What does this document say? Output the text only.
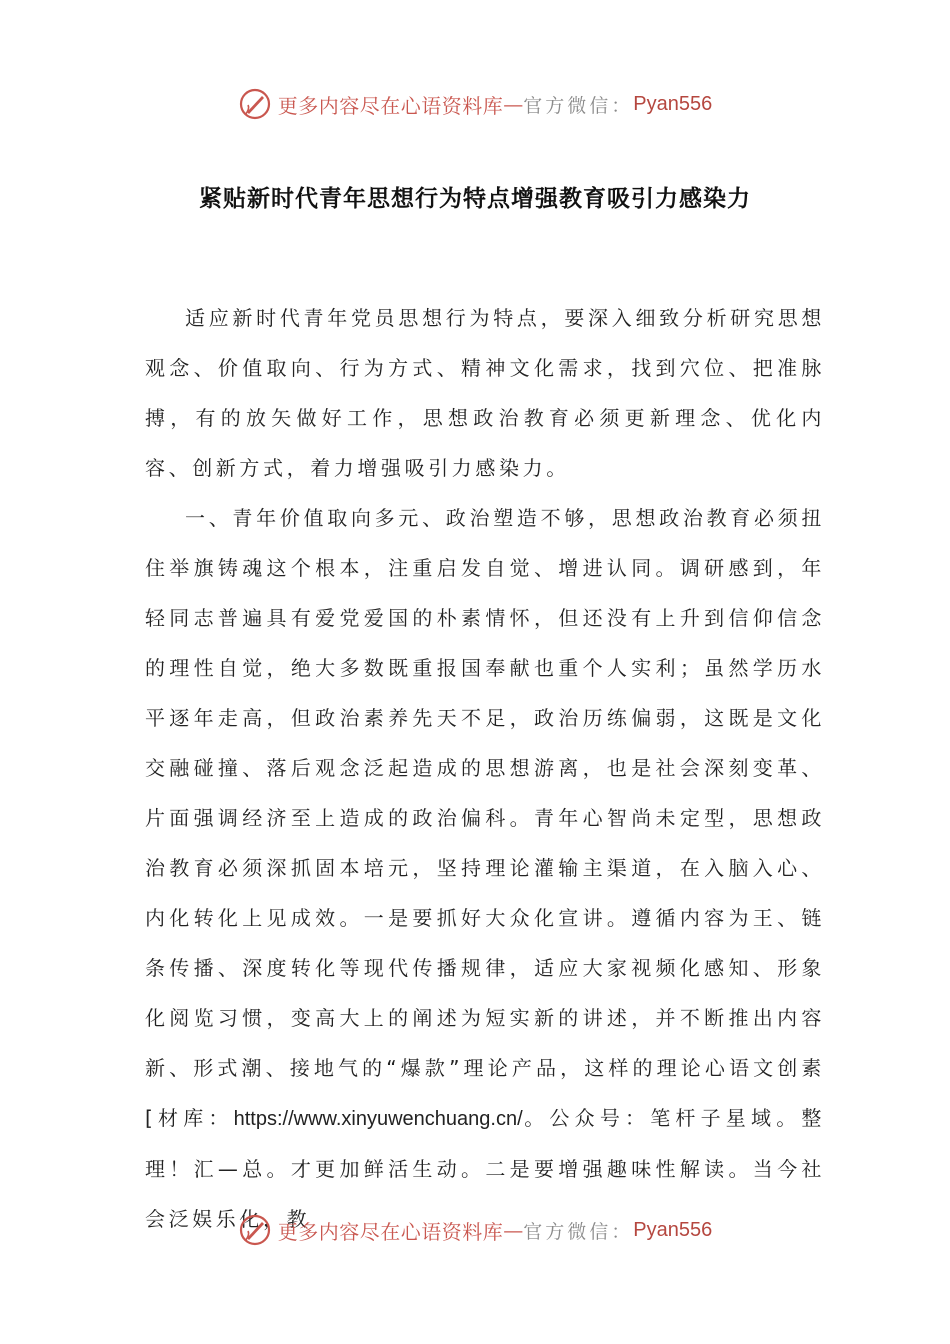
更多内容尽在心语资料库 — 官方微信： Pyan556
紧贴新时代青年思想行为特点增强教育吸引力感染力

适应新时代青年党员思想行为特点，要深入细致分析研究思想观念、价值取向、行为方式、精神文化需求，找到穴位、把准脉搏，有的放矢做好工作，思想政治教育必须更新理念、优化内容、创新方式，着力增强吸引力感染力。

一、青年价值取向多元、政治塑造不够，思想政治教育必须扭住举旗铸魂这个根本，注重启发自觉、增进认同。调研感到，年轻同志普遍具有爱党爱国的朴素情怀，但还没有上升到信仰信念的理性自觉，绝大多数既重报国奉献也重个人实利；虽然学历水平逐年走高，但政治素养先天不足，政治历练偏弱，这既是文化交融碰撞、落后观念泛起造成的思想游离，也是社会深刻变革、片面强调经济至上造成的政治偏科。青年心智尚未定型，思想政治教育必须深抓固本培元，坚持理论灌输主渠道，在入脑入心、内化转化上见成效。一是要抓好大众化宣讲。遵循内容为王、链条传播、深度转化等现代传播规律，适应大家视频化感知、形象化阅览习惯，变高大上的阐述为短实新的讲述，并不断推出内容新、形式潮、接地气的“爆款”理论产品，这样的理论心语文创素[材库：https://www.xinyuwenchuang.cn/。公众号：笔杆子星域。整理！汇—总。才更加鲜活生动。二是要增强趣味性解读。当今社会泛娱乐化，教

更多内容尽在心语资料库 — 官方微信： Pyan556
